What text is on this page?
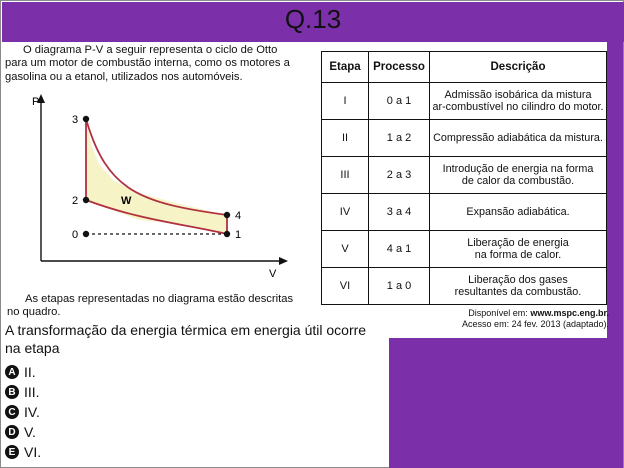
Q.13
O diagrama P-V a seguir representa o ciclo de Otto
para um motor de combustão interna, como os motores a
gasolina ou a etanol, utilizados nos automóveis.
P
V
W
0	1
2
3
4
As etapas representadas no diagrama estão descritas
no quadro.
Etapa	Processo	Descrição
I	0 a 1	Admissão isobárica da mistura
ar-combustível no cilindro do motor.

II	1 a 2	Compressão adiabática da mistura.

III	2 a 3	Introdução de energia na forma
de calor da combustão.

IV	3 a 4	Expansão adiabática.

V	4 a 1	Liberação de energia
na forma de calor.

VI	1 a 0	Liberação dos gases
resultantes da combustão.
Disponível em: www.mspc.eng.br.
Acesso em: 24 fev. 2013 (adaptado).
A transformação da energia térmica em energia útil ocorre
na etapa
A II.
B III.
C IV.
D V.
E VI.
